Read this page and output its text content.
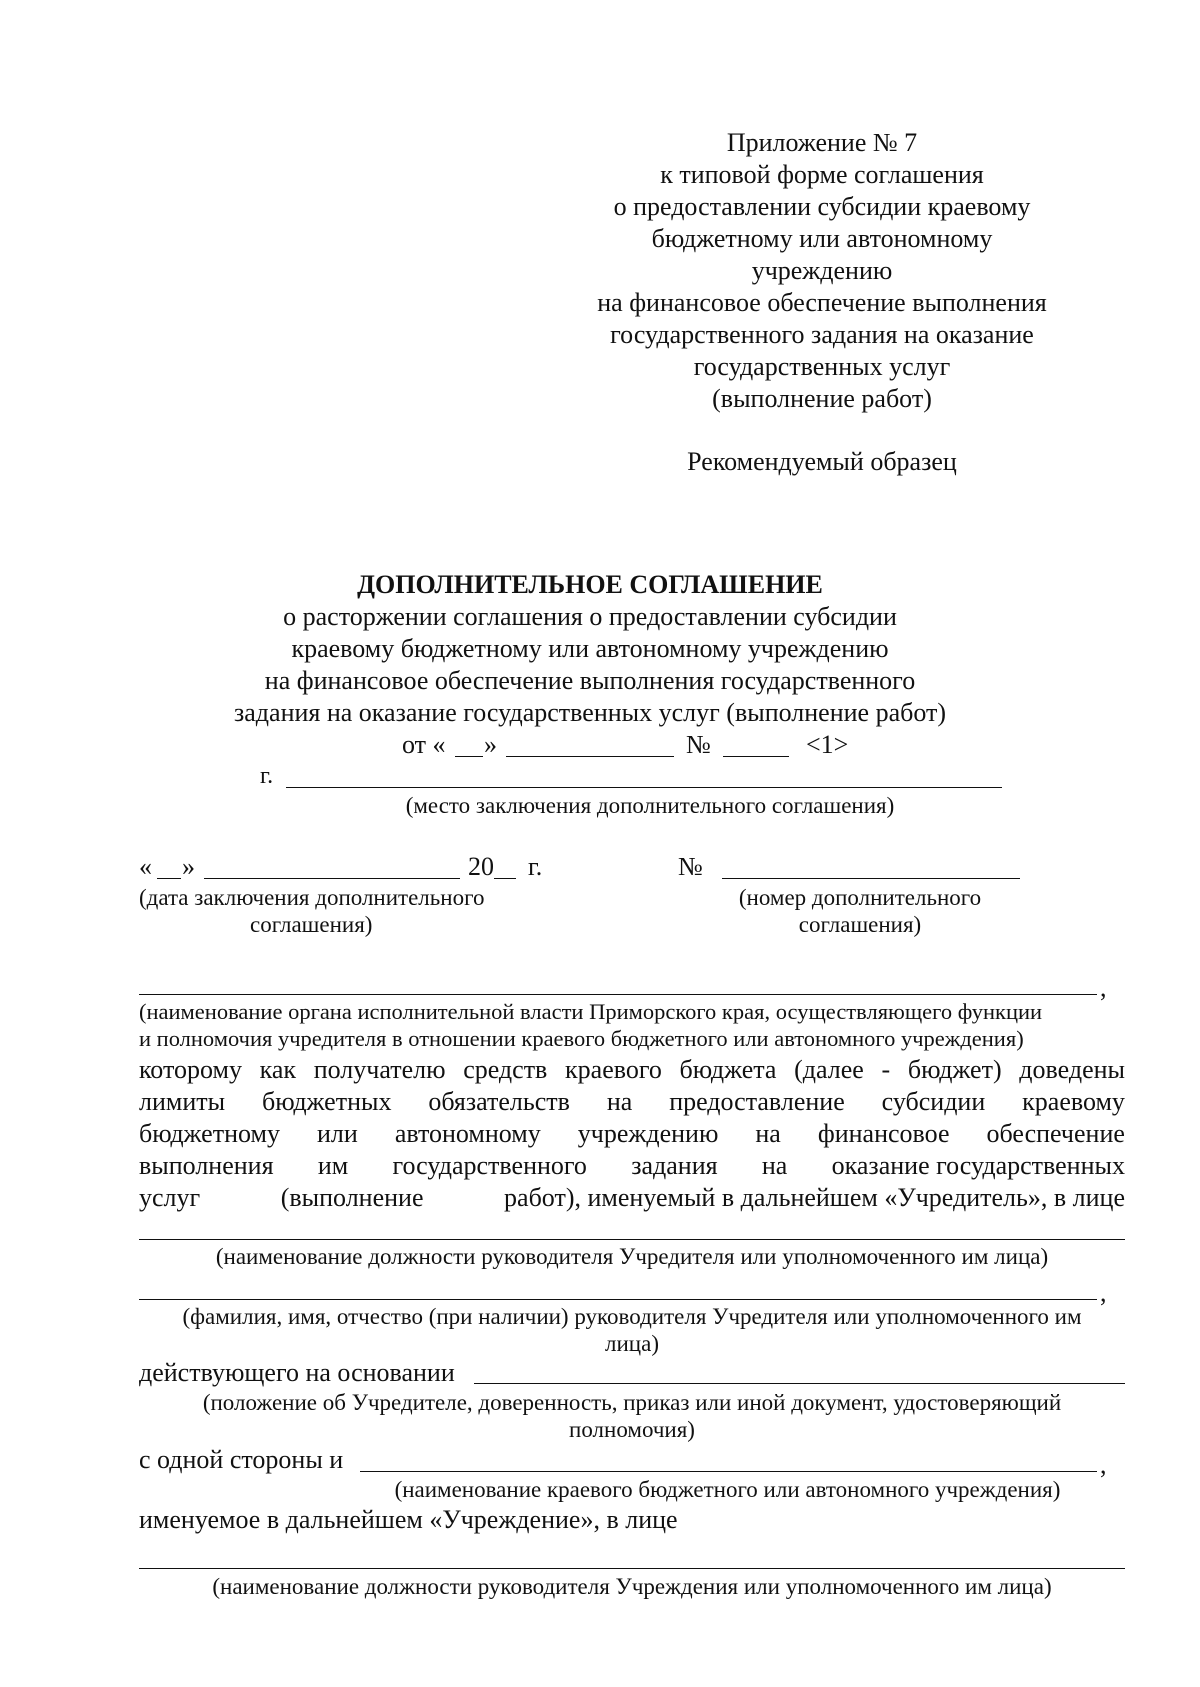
Приложение № 7
к типовой форме соглашения
о предоставлении субсидии краевому
бюджетному или автономному
учреждению
на финансовое обеспечение выполнения
государственного задания на оказание
государственных услуг
(выполнение работ)
Рекомендуемый образец
ДОПОЛНИТЕЛЬНОЕ СОГЛАШЕНИЕ
о расторжении соглашения о предоставлении субсидии
краевому бюджетному или автономному учреждению
на финансовое обеспечение выполнения государственного
задания на оказание государственных услуг (выполнение работ)
от « »	№	<1>
г.
(место заключения дополнительного соглашения)
« »	20 г.
(дата заключения дополнительного
соглашения)
№
(номер дополнительного
соглашения)
,
(наименование органа исполнительной власти Приморского края, осуществляющего функции
и полномочия учредителя в отношении краевого бюджетного или автономного учреждения)
которому как получателю средств краевого бюджета (далее - бюджет) доведены
лимиты бюджетных обязательств на предоставление субсидии краевому
бюджетному или автономному учреждению на финансовое обеспечение
выполнения им государственного задания на оказание государственных
услуг	(выполнение	работ), именуемый в дальнейшем «Учредитель», в лице
(наименование должности руководителя Учредителя или уполномоченного им лица)
,
(фамилия, имя, отчество (при наличии) руководителя Учредителя или уполномоченного им
лица)
действующего на основании
(положение об Учредителе, доверенность, приказ или иной документ, удостоверяющий
полномочия)
с одной стороны и	,
(наименование краевого бюджетного или автономного учреждения)
именуемое в дальнейшем «Учреждение», в лице
(наименование должности руководителя Учреждения или уполномоченного им лица)
